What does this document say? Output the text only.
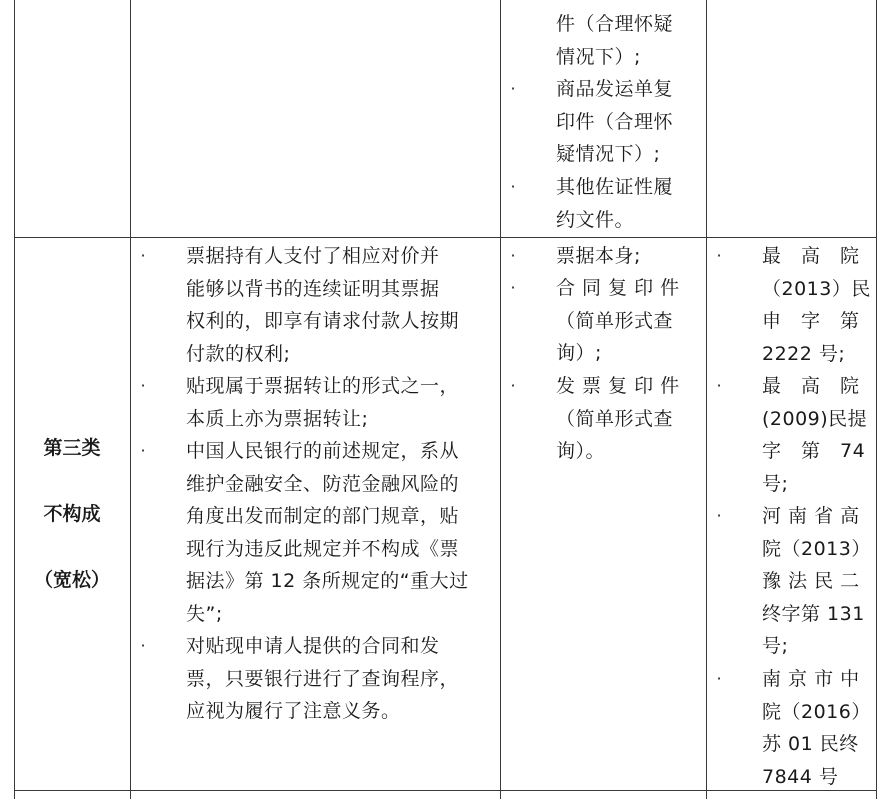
件（合理怀疑
情况下）;
· 商品发运单复
印件（合理怀
疑情况下）;
· 其他佐证性履
约文件。
第三类
不构成
（宽松）
· 票据持有人支付了相应对价并
能够以背书的连续证明其票据
权利的，即享有请求付款人按期
付款的权利;
· 贴现属于票据转让的形式之一，
本质上亦为票据转让;
· 中国人民银行的前述规定，系从
维护金融安全、防范金融风险的
角度出发而制定的部门规章，贴
现行为违反此规定并不构成《票
据法》第 12 条所规定的“重大过
失”;
· 对贴现申请人提供的合同和发
票，只要银行进行了查询程序，
应视为履行了注意义务。
· 票据本身;
· 合 同 复 印 件
（简单形式查
询）;
· 发 票 复 印 件
（简单形式查
询）。
· 最　高　院
（2013）民
申　字　第
2222 号;
· 最　高　院
(2009)民提
字　第　74
号;
· 河 南 省 高
院（2013）
豫 法 民 二
终字第 131
号;
· 南 京 市 中
院（2016）
苏 01 民终
7844 号
